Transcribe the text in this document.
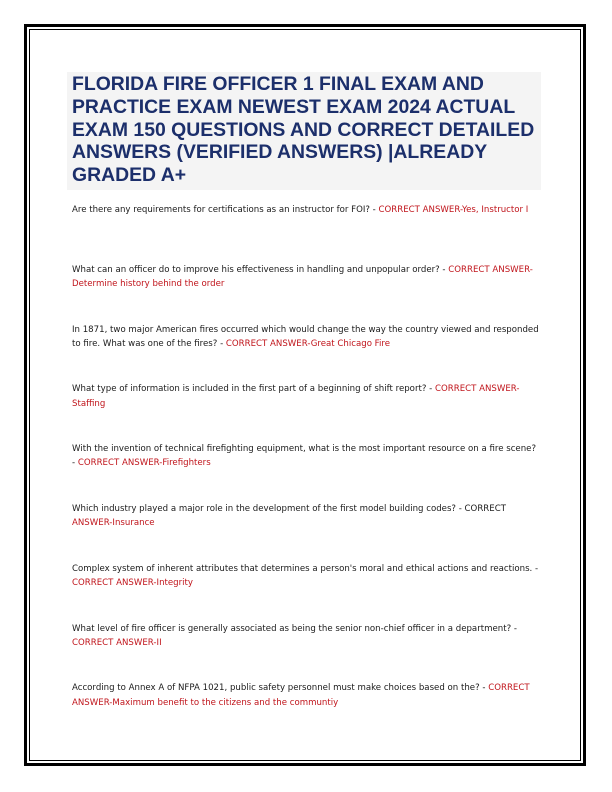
FLORIDA FIRE OFFICER 1 FINAL EXAM AND PRACTICE EXAM NEWEST EXAM 2024 ACTUAL EXAM 150 QUESTIONS AND CORRECT DETAILED ANSWERS (VERIFIED ANSWERS) |ALREADY GRADED A+
Are there any requirements for certifications as an instructor for FOI? - CORRECT ANSWER-Yes, Instructor I
What can an officer do to improve his effectiveness in handling and unpopular order? - CORRECT ANSWER-Determine history behind the order
In 1871, two major American fires occurred which would change the way the country viewed and responded to fire. What was one of the fires? - CORRECT ANSWER-Great Chicago Fire
What type of information is included in the first part of a beginning of shift report? - CORRECT ANSWER-Staffing
With the invention of technical firefighting equipment, what is the most important resource on a fire scene? - CORRECT ANSWER-Firefighters
Which industry played a major role in the development of the first model building codes? - CORRECT ANSWER-Insurance
Complex system of inherent attributes that determines a person's moral and ethical actions and reactions. - CORRECT ANSWER-Integrity
What level of fire officer is generally associated as being the senior non-chief officer in a department? - CORRECT ANSWER-II
According to Annex A of NFPA 1021, public safety personnel must make choices based on the? - CORRECT ANSWER-Maximum benefit to the citizens and the communtiy
